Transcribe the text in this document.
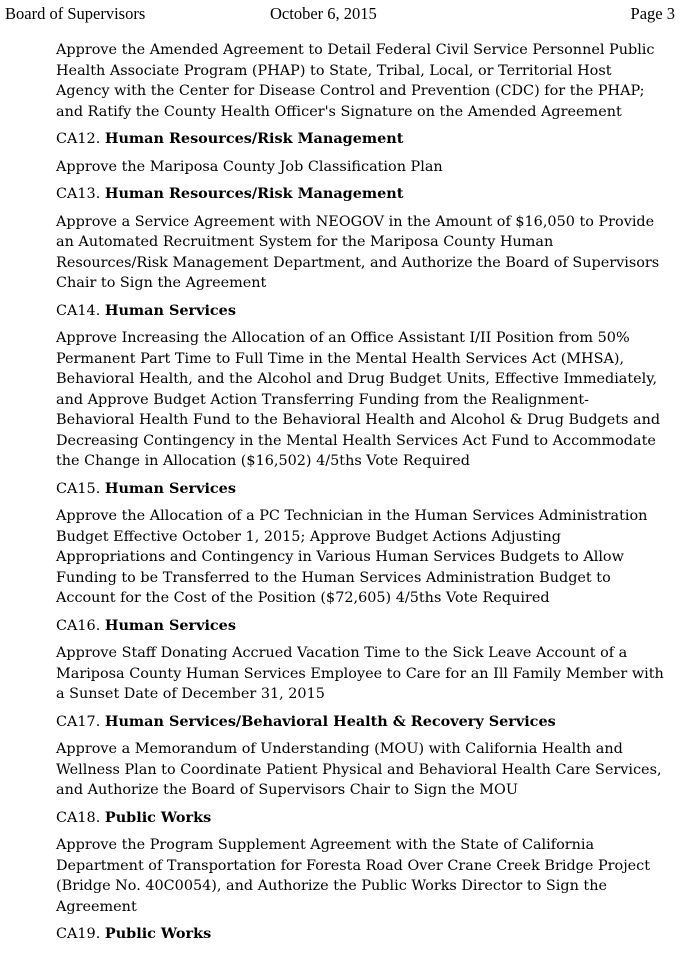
Board of Supervisors	October 6, 2015	Page 3

Approve the Amended Agreement to Detail Federal Civil Service Personnel Public Health Associate Program (PHAP) to State, Tribal, Local, or Territorial Host Agency with the Center for Disease Control and Prevention (CDC) for the PHAP; and Ratify the County Health Officer's Signature on the Amended Agreement

CA12. Human Resources/Risk Management

Approve the Mariposa County Job Classification Plan

CA13. Human Resources/Risk Management

Approve a Service Agreement with NEOGOV in the Amount of $16,050 to Provide an Automated Recruitment System for the Mariposa County Human Resources/Risk Management Department, and Authorize the Board of Supervisors Chair to Sign the Agreement

CA14. Human Services

Approve Increasing the Allocation of an Office Assistant I/II Position from 50% Permanent Part Time to Full Time in the Mental Health Services Act (MHSA), Behavioral Health, and the Alcohol and Drug Budget Units, Effective Immediately, and Approve Budget Action Transferring Funding from the Realignment-Behavioral Health Fund to the Behavioral Health and Alcohol & Drug Budgets and Decreasing Contingency in the Mental Health Services Act Fund to Accommodate the Change in Allocation ($16,502) 4/5ths Vote Required

CA15. Human Services

Approve the Allocation of a PC Technician in the Human Services Administration Budget Effective October 1, 2015; Approve Budget Actions Adjusting Appropriations and Contingency in Various Human Services Budgets to Allow Funding to be Transferred to the Human Services Administration Budget to Account for the Cost of the Position ($72,605) 4/5ths Vote Required

CA16. Human Services

Approve Staff Donating Accrued Vacation Time to the Sick Leave Account of a Mariposa County Human Services Employee to Care for an Ill Family Member with a Sunset Date of December 31, 2015

CA17. Human Services/Behavioral Health & Recovery Services

Approve a Memorandum of Understanding (MOU) with California Health and Wellness Plan to Coordinate Patient Physical and Behavioral Health Care Services, and Authorize the Board of Supervisors Chair to Sign the MOU

CA18. Public Works

Approve the Program Supplement Agreement with the State of California Department of Transportation for Foresta Road Over Crane Creek Bridge Project (Bridge No. 40C0054), and Authorize the Public Works Director to Sign the Agreement

CA19. Public Works
